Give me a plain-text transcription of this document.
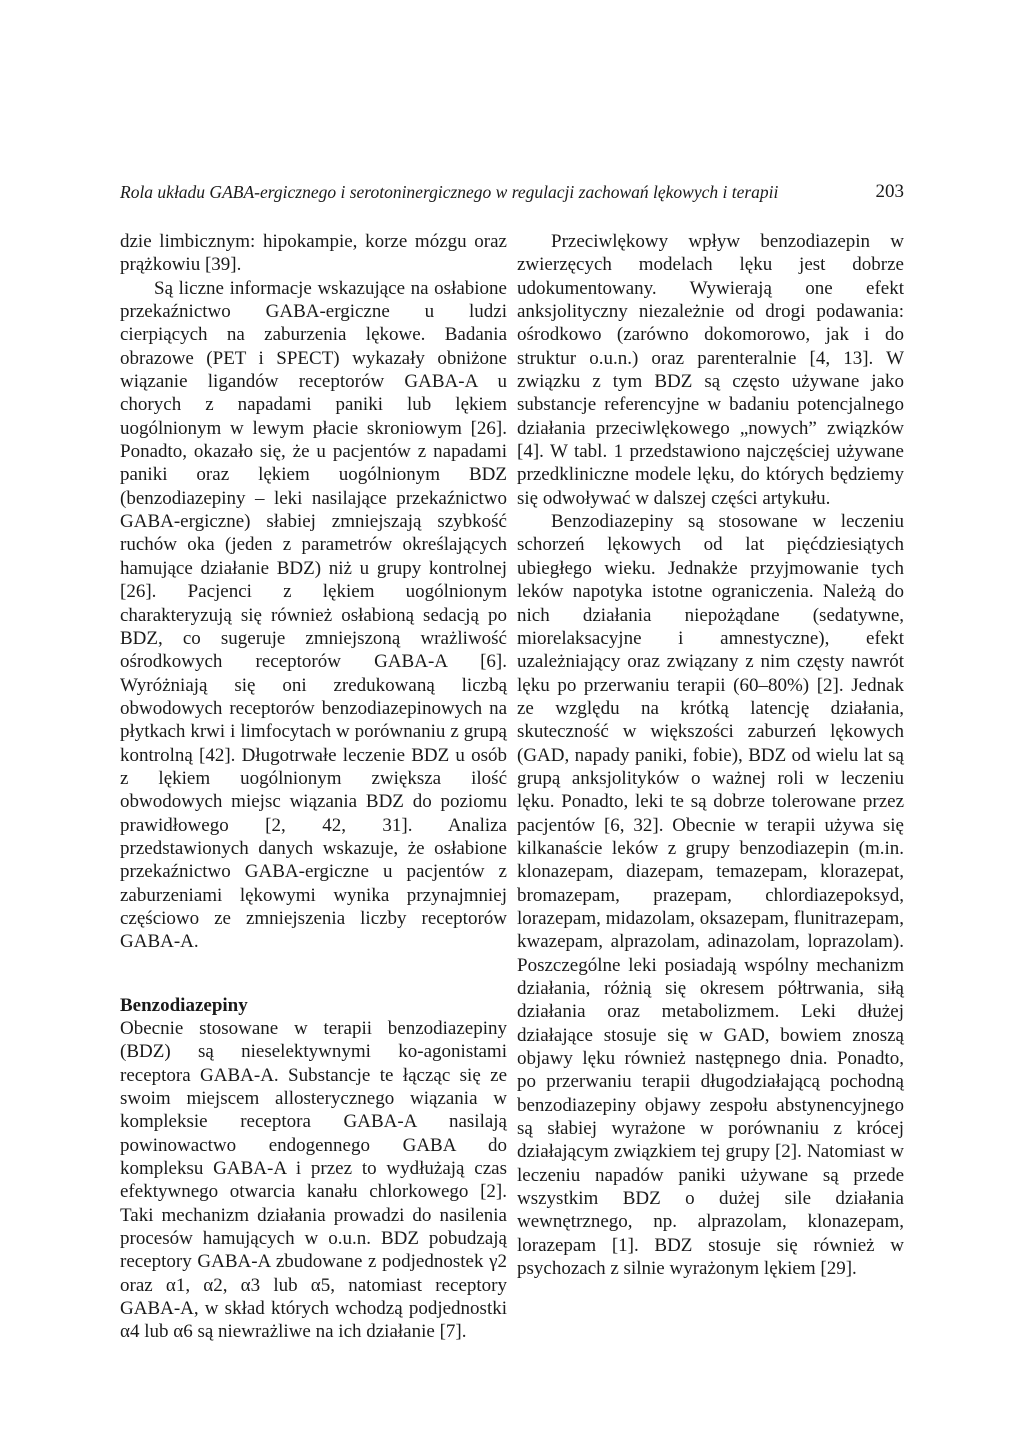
Rola układu GABA-ergicznego i serotoninergicznego w regulacji zachowań lękowych i terapii	203

dzie limbicznym: hipokampie, korze mózgu oraz prążkowiu [39].

Są liczne informacje wskazujące na osłabione przekaźnictwo GABA-ergiczne u ludzi cierpiących na zaburzenia lękowe. Badania obrazowe (PET i SPECT) wykazały obniżone wiązanie ligandów receptorów GABA-A u chorych z napadami paniki lub lękiem uogólnionym w lewym płacie skroniowym [26]. Ponadto, okazało się, że u pacjentów z napadami paniki oraz lękiem uogólnionym BDZ (benzodiazepiny – leki nasilające przekaźnictwo GABA-ergiczne) słabiej zmniejszają szybkość ruchów oka (jeden z parametrów określających hamujące działanie BDZ) niż u grupy kontrolnej [26]. Pacjenci z lękiem uogólnionym charakteryzują się również osłabioną sedacją po BDZ, co sugeruje zmniejszoną wrażliwość ośrodkowych receptorów GABA-A [6]. Wyróżniają się oni zredukowaną liczbą obwodowych receptorów benzodiazepinowych na płytkach krwi i limfocytach w porównaniu z grupą kontrolną [42]. Długotrwałe leczenie BDZ u osób z lękiem uogólnionym zwiększa ilość obwodowych miejsc wiązania BDZ do poziomu prawidłowego [2, 42, 31]. Analiza przedstawionych danych wskazuje, że osłabione przekaźnictwo GABA-ergiczne u pacjentów z zaburzeniami lękowymi wynika przynajmniej częściowo ze zmniejszenia liczby receptorów GABA-A.

Benzodiazepiny

Obecnie stosowane w terapii benzodiazepiny (BDZ) są nieselektywnymi ko-agonistami receptora GABA-A. Substancje te łącząc się ze swoim miejscem allosterycznego wiązania w kompleksie receptora GABA-A nasilają powinowactwo endogennego GABA do kompleksu GABA-A i przez to wydłużają czas efektywnego otwarcia kanału chlorkowego [2]. Taki mechanizm działania prowadzi do nasilenia procesów hamujących w o.u.n. BDZ pobudzają receptory GABA-A zbudowane z podjednostek γ2 oraz α1, α2, α3 lub α5, natomiast receptory GABA-A, w skład których wchodzą podjednostki α4 lub α6 są niewrażliwe na ich działanie [7].

Przeciwlękowy wpływ benzodiazepin w zwierzęcych modelach lęku jest dobrze udokumentowany. Wywierają one efekt anksjolityczny niezależnie od drogi podawania: ośrodkowo (zarówno dokomorowo, jak i do struktur o.u.n.) oraz parenteralnie [4, 13]. W związku z tym BDZ są często używane jako substancje referencyjne w badaniu potencjalnego działania przeciwlękowego „nowych” związków [4]. W tabl. 1 przedstawiono najczęściej używane przedkliniczne modele lęku, do których będziemy się odwoływać w dalszej części artykułu.

Benzodiazepiny są stosowane w leczeniu schorzeń lękowych od lat pięćdziesiątych ubiegłego wieku. Jednakże przyjmowanie tych leków napotyka istotne ograniczenia. Należą do nich działania niepożądane (sedatywne, miorelaksacyjne i amnestyczne), efekt uzależniający oraz związany z nim częsty nawrót lęku po przerwaniu terapii (60–80%) [2]. Jednak ze względu na krótką latencję działania, skuteczność w większości zaburzeń lękowych (GAD, napady paniki, fobie), BDZ od wielu lat są grupą anksjolityków o ważnej roli w leczeniu lęku. Ponadto, leki te są dobrze tolerowane przez pacjentów [6, 32]. Obecnie w terapii używa się kilkanaście leków z grupy benzodiazepin (m.in. klonazepam, diazepam, temazepam, klorazepat, bromazepam, prazepam, chlordiazepoksyd, lorazepam, midazolam, oksazepam, flunitrazepam, kwazepam, alprazolam, adinazolam, loprazolam). Poszczególne leki posiadają wspólny mechanizm działania, różnią się okresem półtrwania, siłą działania oraz metabolizmem. Leki dłużej działające stosuje się w GAD, bowiem znoszą objawy lęku również następnego dnia. Ponadto, po przerwaniu terapii długodziałającą pochodną benzodiazepiny objawy zespołu abstynencyjnego są słabiej wyrażone w porównaniu z krócej działającym związkiem tej grupy [2]. Natomiast w leczeniu napadów paniki używane są przede wszystkim BDZ o dużej sile działania wewnętrznego, np. alprazolam, klonazepam, lorazepam [1]. BDZ stosuje się również w psychozach z silnie wyrażonym lękiem [29].
